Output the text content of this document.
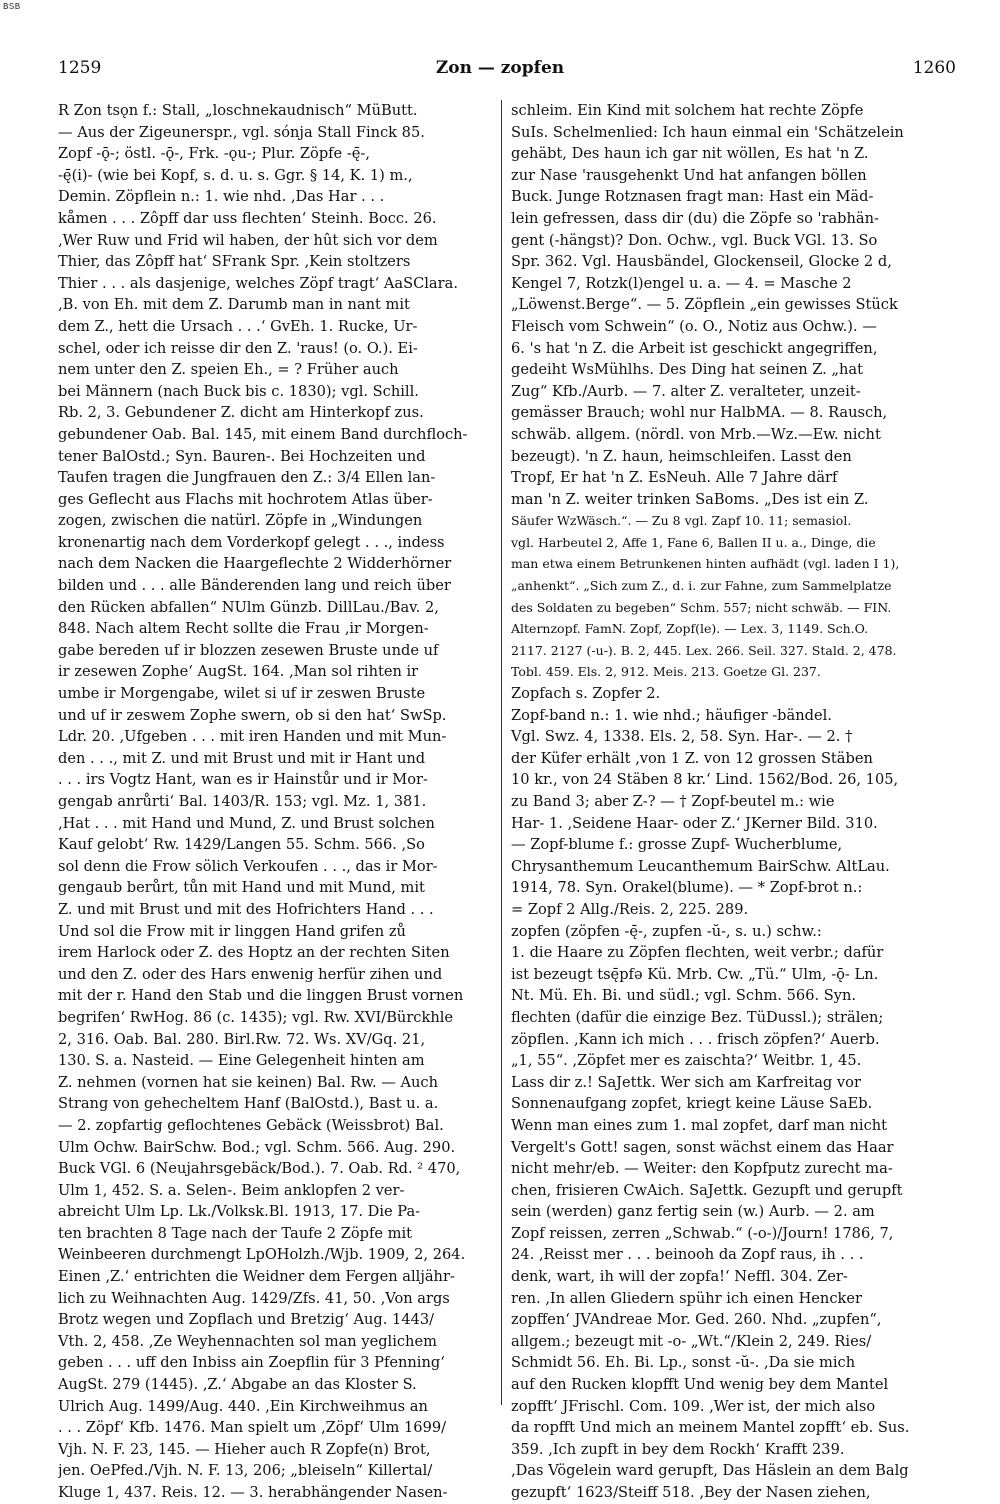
BSB
1259	Zon — zopfen	1260
R Zon tsǫn f.: Stall, „loschnekaudnisch“ MüButt.
— Aus der Zigeunerspr., vgl. sónja Stall Finck 85.
Zopf -ǭ-; östl. -ǭ-, Frk. -ǫu-; Plur. Zöpfe -ę̄-,
-ę̄(i)- (wie bei Kopf, s. d. u. s. Ggr. § 14, K. 1) m.,
Demin. Zöpflein n.: 1. wie nhd. ‚Das Har . . .
kåmen . . . Zôpff dar uss flechten‘ Steinh. Bocc. 26.
‚Wer Ruw und Frid wil haben, der hût sich vor dem
Thier, das Zôpff hat‘ SFrank Spr. ‚Kein stoltzers
Thier . . . als dasjenige, welches Zöpf tragt‘ AaSClara.
‚B. von Eh. mit dem Z. Darumb man in nant mit
dem Z., hett die Ursach . . .‘ GvEh. 1. Rucke, Ur-
schel, oder ich reisse dir den Z. 'raus! (o. O.). Ei-
nem unter den Z. speien Eh., = ? Früher auch
bei Männern (nach Buck bis c. 1830); vgl. Schill.
Rb. 2, 3. Gebundener Z. dicht am Hinterkopf zus.
gebundener Oab. Bal. 145, mit einem Band durchfloch-
tener BalOstd.; Syn. Bauren-. Bei Hochzeiten und
Taufen tragen die Jungfrauen den Z.: 3/4 Ellen lan-
ges Geflecht aus Flachs mit hochrotem Atlas über-
zogen, zwischen die natürl. Zöpfe in „Windungen
kronenartig nach dem Vorderkopf gelegt . . ., indess
nach dem Nacken die Haargeflechte 2 Widderhörner
bilden und . . . alle Bänderenden lang und reich über
den Rücken abfallen“ NUlm Günzb. DillLau./Bav. 2,
848. Nach altem Recht sollte die Frau ‚ir Morgen-
gabe bereden uf ir blozzen zesewen Bruste unde uf
ir zesewen Zophe‘ AugSt. 164. ‚Man sol rihten ir
umbe ir Morgengabe, wilet si uf ir zeswen Bruste
und uf ir zeswem Zophe swern, ob si den hat‘ SwSp.
Ldr. 20. ‚Ufgeben . . . mit iren Handen und mit Mun-
den . . ., mit Z. und mit Brust und mit ir Hant und
. . . irs Vogtz Hant, wan es ir Hainstůr und ir Mor-
gengab anrůrti‘ Bal. 1403/R. 153; vgl. Mz. 1, 381.
‚Hat . . . mit Hand und Mund, Z. und Brust solchen
Kauf gelobt‘ Rw. 1429/Langen 55. Schm. 566. ‚So
sol denn die Frow sölich Verkoufen . . ., das ir Mor-
gengaub berůrt, tůn mit Hand und mit Mund, mit
Z. und mit Brust und mit des Hofrichters Hand . . .
Und sol die Frow mit ir linggen Hand grifen zů
irem Harlock oder Z. des Hoptz an der rechten Siten
und den Z. oder des Hars enwenig herfür zihen und
mit der r. Hand den Stab und die linggen Brust vornen
begrifen‘ RwHog. 86 (c. 1435); vgl. Rw. XVI/Bürckhle
2, 316. Oab. Bal. 280. Birl.Rw. 72. Ws. XV/Gq. 21,
130. S. a. Nasteid. — Eine Gelegenheit hinten am
Z. nehmen (vornen hat sie keinen) Bal. Rw. — Auch
Strang von gehecheltem Hanf (BalOstd.), Bast u. a.
— 2. zopfartig geflochtenes Gebäck (Weissbrot) Bal.
Ulm Ochw. BairSchw. Bod.; vgl. Schm. 566. Aug. 290.
Buck VGl. 6 (Neujahrsgebäck/Bod.). 7. Oab. Rd. ² 470,
Ulm 1, 452. S. a. Selen-. Beim anklopfen 2 ver-
abreicht Ulm Lp. Lk./Volksk.Bl. 1913, 17. Die Pa-
ten brachten 8 Tage nach der Taufe 2 Zöpfe mit
Weinbeeren durchmengt LpOHolzh./Wjb. 1909, 2, 264.
Einen ‚Z.‘ entrichten die Weidner dem Fergen alljähr-
lich zu Weihnachten Aug. 1429/Zfs. 41, 50. ‚Von args
Brotz wegen und Zopflach und Bretzig‘ Aug. 1443/
Vth. 2, 458. ‚Ze Weyhennachten sol man yeglichem
geben . . . uff den Inbiss ain Zoepflin für 3 Pfenning‘
AugSt. 279 (1445). ‚Z.‘ Abgabe an das Kloster S.
Ulrich Aug. 1499/Aug. 440. ‚Ein Kirchweihmus an
. . . Zöpf‘ Kfb. 1476. Man spielt um ‚Zöpf‘ Ulm 1699/
Vjh. N. F. 23, 145. — Hieher auch R Zopfe(n) Brot,
jen. OePfed./Vjh. N. F. 13, 206; „bleiseln“ Killertal/
Kluge 1, 437. Reis. 12. — 3. herabhängender Nasen-
schleim. Ein Kind mit solchem hat rechte Zöpfe
SuIs. Schelmenlied: Ich haun einmal ein 'Schätzelein
gehäbt, Des haun ich gar nit wöllen, Es hat 'n Z.
zur Nase 'rausgehenkt Und hat anfangen böllen
Buck. Junge Rotznasen fragt man: Hast ein Mäd-
lein gefressen, dass dir (du) die Zöpfe so 'rabhän-
gent (-hängst)? Don. Ochw., vgl. Buck VGl. 13. So
Spr. 362. Vgl. Hausbändel, Glockenseil, Glocke 2 d,
Kengel 7, Rotzk(l)engel u. a. — 4. = Masche 2
„Löwenst.Berge“. — 5. Zöpflein „ein gewisses Stück
Fleisch vom Schwein“ (o. O., Notiz aus Ochw.). —
6. 's hat 'n Z. die Arbeit ist geschickt angegriffen,
gedeiht WsMühlhs. Des Ding hat seinen Z. „hat
Zug“ Kfb./Aurb. — 7. alter Z. veralteter, unzeit-
gemässer Brauch; wohl nur HalbMA. — 8. Rausch,
schwäb. allgem. (nördl. von Mrb.—Wz.—Ew. nicht
bezeugt). 'n Z. haun, heimschleifen. Lasst den
Tropf, Er hat 'n Z. EsNeuh. Alle 7 Jahre därf
man 'n Z. weiter trinken SaBoms. „Des ist ein Z.
Säufer WzWäsch.“. — Zu 8 vgl. Zapf 10. 11; semasiol.
vgl. Harbeutel 2, Affe 1, Fane 6, Ballen II u. a., Dinge, die
man etwa einem Betrunkenen hinten aufhädt (vgl. laden I 1),
„anhenkt“. „Sich zum Z., d. i. zur Fahne, zum Sammelplatze
des Soldaten zu begeben“ Schm. 557; nicht schwäb. — FIN.
Alternzopf. FamN. Zopf, Zopf(le). — Lex. 3, 1149. Sch.O.
2117. 2127 (-u-). B. 2, 445. Lex. 266. Seil. 327. Stald. 2, 478.
Tobl. 459. Els. 2, 912. Meis. 213. Goetze Gl. 237.
Zopfach s. Zopfer 2.
Zopf-band n.: 1. wie nhd.; häufiger -bändel.
Vgl. Swz. 4, 1338. Els. 2, 58. Syn. Har-. — 2. †
der Küfer erhält ‚von 1 Z. von 12 grossen Stäben
10 kr., von 24 Stäben 8 kr.‘ Lind. 1562/Bod. 26, 105,
zu Band 3; aber Z-? — † Zopf-beutel m.: wie
Har- 1. ‚Seidene Haar- oder Z.‘ JKerner Bild. 310.
— Zopf-blume f.: grosse Zupf- Wucherblume,
Chrysanthemum Leucanthemum BairSchw. AltLau.
1914, 78. Syn. Orakel(blume). — * Zopf-brot n.:
= Zopf 2 Allg./Reis. 2, 225. 289.
zopfen (zöpfen -ę̄-, zupfen -ŭ-, s. u.) schw.:
1. die Haare zu Zöpfen flechten, weit verbr.; dafür
ist bezeugt tsę̄pfə Kü. Mrb. Cw. „Tü.“ Ulm, -ǭ- Ln.
Nt. Mü. Eh. Bi. und südl.; vgl. Schm. 566. Syn.
flechten (dafür die einzige Bez. TüDussl.); strälen;
zöpflen. ‚Kann ich mich . . . frisch zöpfen?‘ Auerb.
„1, 55“. ‚Zöpfet mer es zaischta?‘ Weitbr. 1, 45.
Lass dir z.! SaJettk. Wer sich am Karfreitag vor
Sonnenaufgang zopfet, kriegt keine Läuse SaEb.
Wenn man eines zum 1. mal zopfet, darf man nicht
Vergelt's Gott! sagen, sonst wächst einem das Haar
nicht mehr/eb. — Weiter: den Kopfputz zurecht ma-
chen, frisieren CwAich. SaJettk. Gezupft und gerupft
sein (werden) ganz fertig sein (w.) Aurb. — 2. am
Zopf reissen, zerren „Schwab.“ (-o-)/Journ! 1786, 7,
24. ‚Reisst mer . . . beinooh da Zopf raus, ih . . .
denk, wart, ih will der zopfa!‘ Neffl. 304. Zer-
ren. ‚In allen Gliedern spühr ich einen Hencker
zopffen‘ JVAndreae Mor. Ged. 260. Nhd. „zupfen“,
allgem.; bezeugt mit -o- „Wt.“/Klein 2, 249. Ries/
Schmidt 56. Eh. Bi. Lp., sonst -ŭ-. ‚Da sie mich
auf den Rucken klopfft Und wenig bey dem Mantel
zopfft‘ JFrischl. Com. 109. ‚Wer ist, der mich also
da ropfft Und mich an meinem Mantel zopfft‘ eb. Sus.
359. ‚Ich zupft in bey dem Rockh‘ Krafft 239.
‚Das Vögelein ward gerupft, Das Häslein an dem Balg
gezupft‘ 1623/Steiff 518. ‚Bey der Nasen ziehen,
